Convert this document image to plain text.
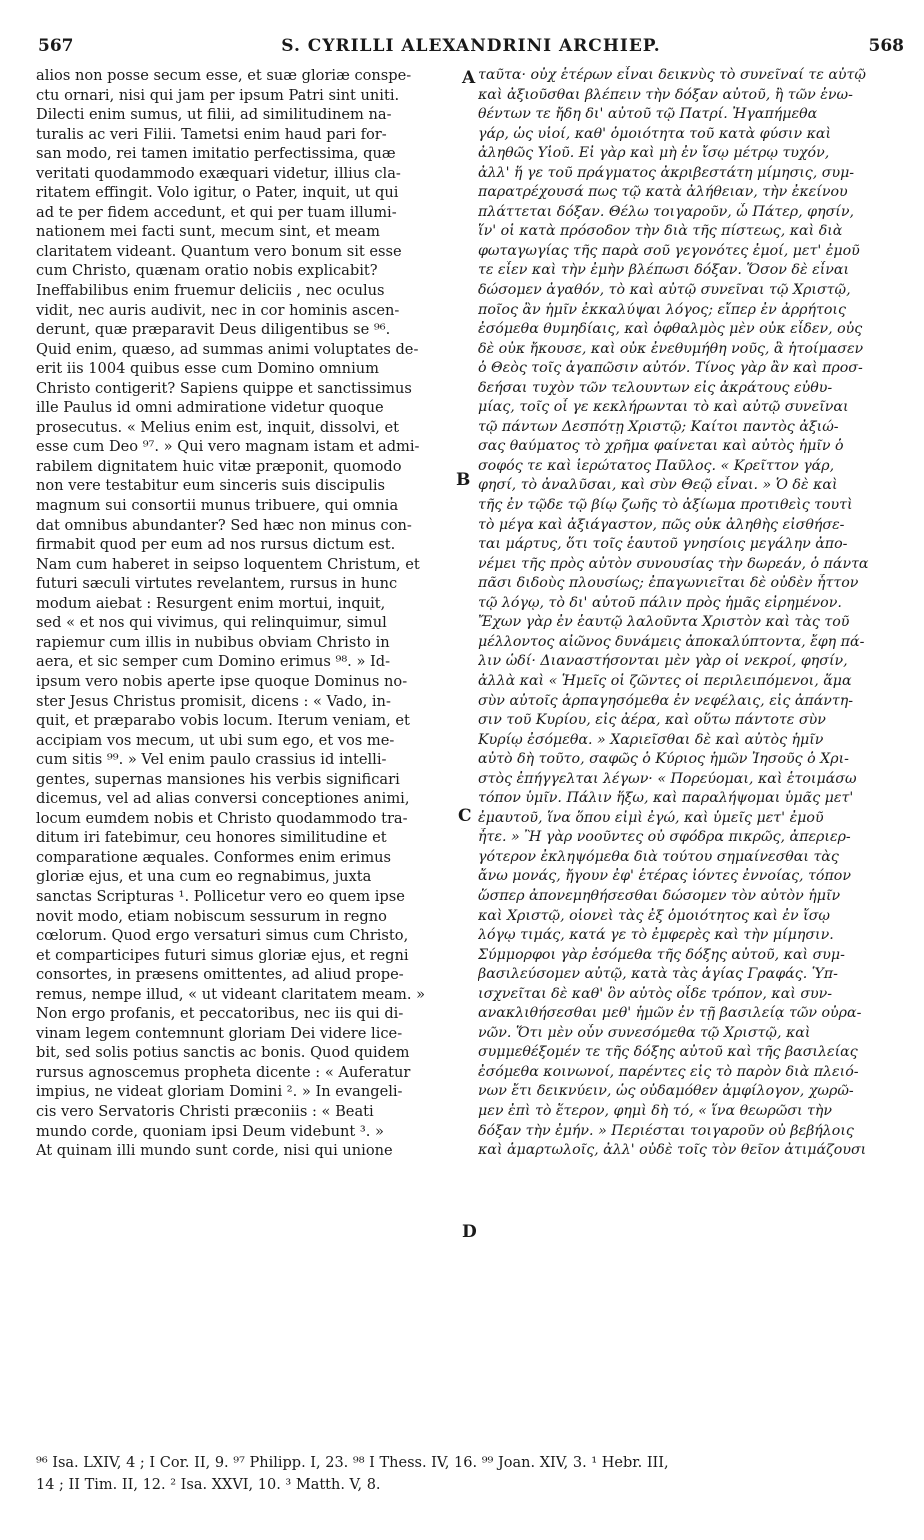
567	S. CYRILLI ALEXANDRINI ARCHIEP.	568
alios non posse secum esse, et suæ gloriæ conspe-
ctu ornari, nisi qui jam per ipsum Patri sint uniti.
Dilecti enim sumus, ut filii, ad similitudinem na-
turalis ac veri Filii. Tametsi enim haud pari for-
san modo, rei tamen imitatio perfectissima, quæ
veritati quodammodo exæquari videtur, illius cla-
ritatem effingit. Volo igitur, o Pater, inquit, ut qui
ad te per fidem accedunt, et qui per tuam illumi-
nationem mei facti sunt, mecum sint, et meam
claritatem videant. Quantum vero bonum sit esse
cum Christo, quænam oratio nobis explicabit?
Ineffabilibus enim fruemur deliciis , nec oculus
vidit, nec auris audivit, nec in cor hominis ascen-
derunt, quæ præparavit Deus diligentibus se ⁹⁶.
Quid enim, quæso, ad summas animi voluptates de-
erit iis 1004 quibus esse cum Domino omnium
Christo contigerit? Sapiens quippe et sanctissimus
ille Paulus id omni admiratione videtur quoque
prosecutus. « Melius enim est, inquit, dissolvi, et
esse cum Deo ⁹⁷. » Qui vero magnam istam et admi-
rabilem dignitatem huic vitæ præponit, quomodo
non vere testabitur eum sinceris suis discipulis
magnum sui consortii munus tribuere, qui omnia
dat omnibus abundanter? Sed hæc non minus con-
firmabit quod per eum ad nos rursus dictum est.
Nam cum haberet in seipso loquentem Christum, et
futuri sæculi virtutes revelantem, rursus in hunc
modum aiebat : Resurgent enim mortui, inquit,
sed « et nos qui vivimus, qui relinquimur, simul
rapiemur cum illis in nubibus obviam Christo in
aera, et sic semper cum Domino erimus ⁹⁸. » Id-
ipsum vero nobis aperte ipse quoque Dominus no-
ster Jesus Christus promisit, dicens : « Vado, in-
quit, et præparabo vobis locum. Iterum veniam, et
accipiam vos mecum, ut ubi sum ego, et vos me-
cum sitis ⁹⁹. » Vel enim paulo crassius id intelli-
gentes, supernas mansiones his verbis significari
dicemus, vel ad alias conversi conceptiones animi,
locum eumdem nobis et Christo quodammodo tra-
ditum iri fatebimur, ceu honores similitudine et
comparatione æquales. Conformes enim erimus
gloriæ ejus, et una cum eo regnabimus, juxta
sanctas Scripturas ¹. Pollicetur vero eo quem ipse
novit modo, etiam nobiscum sessurum in regno
cœlorum. Quod ergo versaturi simus cum Christo,
et comparticipes futuri simus gloriæ ejus, et regni
consortes, in præsens omittentes, ad aliud prope-
remus, nempe illud, « ut videant claritatem meam. »
Non ergo profanis, et peccatoribus, nec iis qui di-
vinam legem contemnunt gloriam Dei videre lice-
bit, sed solis potius sanctis ac bonis. Quod quidem
rursus agnoscemus propheta dicente : « Auferatur
impius, ne videat gloriam Domini ². » In evangeli-
cis vero Servatoris Christi præconiis : « Beati
mundo corde, quoniam ipsi Deum videbunt ³. »
At quinam illi mundo sunt corde, nisi qui unione
ταῦτα· οὐχ ἑτέρων εἶναι δεικνὺς τὸ συνεῖναί τε αὐτῷ
καὶ ἀξιοῦσθαι βλέπειν τὴν δόξαν αὐτοῦ, ἢ τῶν ἑνω-
θέντων τε ἤδη δι' αὐτοῦ τῷ Πατρί. Ἠγαπήμεθα
γάρ, ὡς υἱοί, καθ' ὁμοιότητα τοῦ κατὰ φύσιν καὶ
ἀληθῶς Υἱοῦ. Εἰ γὰρ καὶ μὴ ἐν ἴσῳ μέτρῳ τυχόν,
ἀλλ' ἥ γε τοῦ πράγματος ἀκριβεστάτη μίμησις, συμ-
παρατρέχουσά πως τῷ κατὰ ἀλήθειαν, τὴν ἐκείνου
πλάττεται δόξαν. Θέλω τοιγαροῦν, ὦ Πάτερ, φησίν,
ἵν' οἱ κατὰ πρόσοδον τὴν διὰ τῆς πίστεως, καὶ διὰ
φωταγωγίας τῆς παρὰ σοῦ γεγονότες ἐμοί, μετ' ἐμοῦ
τε εἶεν καὶ τὴν ἐμὴν βλέπωσι δόξαν. Ὅσον δὲ εἶναι
δώσομεν ἀγαθόν, τὸ καὶ αὐτῷ συνεῖναι τῷ Χριστῷ,
ποῖος ἂν ἡμῖν ἐκκαλύψαι λόγος; εἴπερ ἐν ἀρρήτοις
ἐσόμεθα θυμηδίαις, καὶ ὀφθαλμὸς μὲν οὐκ εἶδεν, οὐς
δὲ οὐκ ἤκουσε, καὶ οὐκ ἐνεθυμήθη νοῦς, ἃ ἡτοίμασεν
ὁ Θεὸς τοῖς ἀγαπῶσιν αὐτόν. Τίνος γὰρ ἂν καὶ προσ-
δεήσαι τυχὸν τῶν τελουντων εἰς ἀκράτους εὐθυ-
μίας, τοῖς οἷ γε κεκλήρωνται τὸ καὶ αὐτῷ συνεῖναι
τῷ πάντων Δεσπότῃ Χριστῷ; Καίτοι παντὸς ἀξιώ-
σας θαύματος τὸ χρῆμα φαίνεται καὶ αὐτὸς ἡμῖν ὁ
σοφός τε καὶ ἱερώτατος Παῦλος. « Κρεῖττον γάρ,
φησί, τὸ ἀναλῦσαι, καὶ σὺν Θεῷ εἶναι. » Ὁ δὲ καὶ
τῆς ἐν τῷδε τῷ βίῳ ζωῆς τὸ ἀξίωμα προτιθεὶς τουτὶ
τὸ μέγα καὶ ἀξιάγαστον, πῶς οὐκ ἀληθὴς εἰσθήσε-
ται μάρτυς, ὅτι τοῖς ἑαυτοῦ γνησίοις μεγάλην ἀπο-
νέμει τῆς πρὸς αὐτὸν συνουσίας τὴν δωρεάν, ὁ πάντα
πᾶσι διδοὺς πλουσίως; ἐπαγωνιεῖται δὲ οὐδὲν ἧττον
τῷ λόγῳ, τὸ δι' αὐτοῦ πάλιν πρὸς ἡμᾶς εἰρημένον.
Ἔχων γὰρ ἐν ἑαυτῷ λαλοῦντα Χριστὸν καὶ τὰς τοῦ
μέλλοντος αἰῶνος δυνάμεις ἀποκαλύπτοντα, ἔφη πά-
λιν ὡδί· Διαναστήσονται μὲν γὰρ οἱ νεκροί, φησίν,
ἀλλὰ καὶ « Ἡμεῖς οἱ ζῶντες οἱ περιλειπόμενοι, ἅμα
σὺν αὐτοῖς ἁρπαγησόμεθα ἐν νεφέλαις, εἰς ἀπάντη-
σιν τοῦ Κυρίου, εἰς ἀέρα, καὶ οὕτω πάντοτε σὺν
Κυρίῳ ἐσόμεθα. » Χαριεῖσθαι δὲ καὶ αὐτὸς ἡμῖν
αὐτὸ δὴ τοῦτο, σαφῶς ὁ Κύριος ἡμῶν Ἰησοῦς ὁ Χρι-
στὸς ἐπήγγελται λέγων· « Πορεύομαι, καὶ ἑτοιμάσω
τόπον ὑμῖν. Πάλιν ἥξω, καὶ παραλήψομαι ὑμᾶς μετ'
ἐμαυτοῦ, ἵνα ὅπου εἰμὶ ἐγώ, καὶ ὑμεῖς μετ' ἐμοῦ
ἦτε. » Ἢ γὰρ νοοῦντες οὐ σφόδρα πικρῶς, ἀπεριερ-
γότερον ἐκληψόμεθα διὰ τούτου σημαίνεσθαι τὰς
ἄνω μονάς, ἤγουν ἐφ' ἑτέρας ἰόντες ἐννοίας, τόπον
ὥσπερ ἀπονεμηθήσεσθαι δώσομεν τὸν αὐτὸν ἡμῖν
καὶ Χριστῷ, οἱονεὶ τὰς ἐξ ὁμοιότητος καὶ ἐν ἴσῳ
λόγῳ τιμάς, κατά γε τὸ ἐμφερὲς καὶ τὴν μίμησιν.
Σύμμορφοι γὰρ ἐσόμεθα τῆς δόξης αὐτοῦ, καὶ συμ-
βασιλεύσομεν αὐτῷ, κατὰ τὰς ἁγίας Γραφάς. Ὑπ-
ισχνεῖται δὲ καθ' ὃν αὐτὸς οἶδε τρόπον, καὶ συν-
ανακλιθήσεσθαι μεθ' ἡμῶν ἐν τῇ βασιλείᾳ τῶν οὐρα-
νῶν. Ὅτι μὲν οὖν συνεσόμεθα τῷ Χριστῷ, καὶ
συμμεθέξομέν τε τῆς δόξης αὐτοῦ καὶ τῆς βασιλείας
ἐσόμεθα κοινωνοί, παρέντες εἰς τὸ παρὸν διὰ πλειό-
νων ἔτι δεικνύειν, ὡς οὐδαμόθεν ἀμφίλογον, χωρῶ-
μεν ἐπὶ τὸ ἕτερον, φημὶ δὴ τό, « ἵνα θεωρῶσι τὴν
δόξαν τὴν ἐμήν. » Περιέσται τοιγαροῦν οὐ βεβήλοις
καὶ ἁμαρτωλοῖς, ἀλλ' οὐδὲ τοῖς τὸν θεῖον ἀτιμάζουσι
A
B
C
D
⁹⁶ Isa. LXIV, 4 ; I Cor. II, 9. ⁹⁷ Philipp. I, 23. ⁹⁸ I Thess. IV, 16. ⁹⁹ Joan. XIV, 3. ¹ Hebr. III,
14 ; II Tim. II, 12. ² Isa. XXVI, 10. ³ Matth. V, 8.
